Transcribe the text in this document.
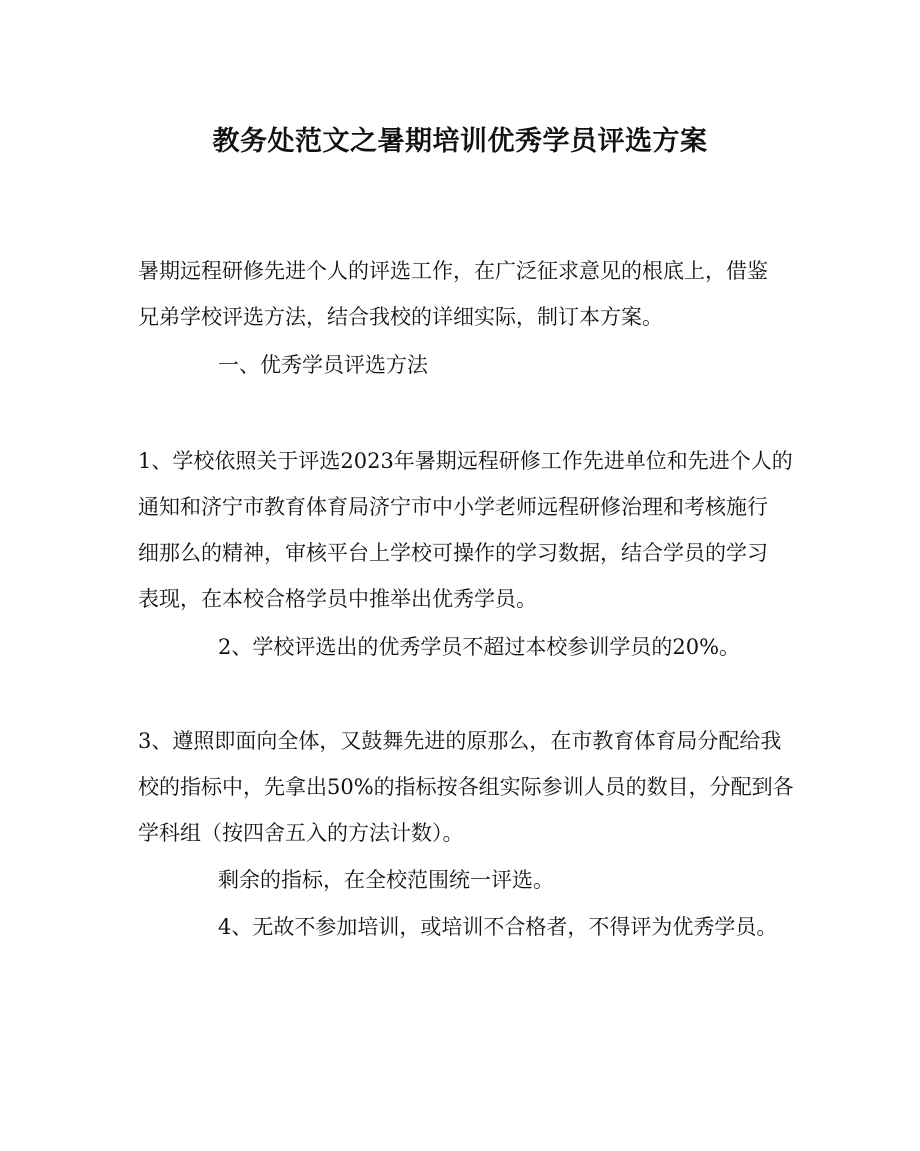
教务处范文之暑期培训优秀学员评选方案
暑期远程研修先进个人的评选工作，在广泛征求意见的根底上，借鉴
兄弟学校评选方法，结合我校的详细实际，制订本方案。
一、优秀学员评选方法
1、学校依照关于评选2023年暑期远程研修工作先进单位和先进个人的
通知和济宁市教育体育局济宁市中小学老师远程研修治理和考核施行
细那么的精神，审核平台上学校可操作的学习数据，结合学员的学习
表现，在本校合格学员中推举出优秀学员。
2、学校评选出的优秀学员不超过本校参训学员的20%。
3、遵照即面向全体，又鼓舞先进的原那么，在市教育体育局分配给我
校的指标中，先拿出50%的指标按各组实际参训人员的数目，分配到各
学科组（按四舍五入的方法计数）。
剩余的指标，在全校范围统一评选。
4、无故不参加培训，或培训不合格者，不得评为优秀学员。
